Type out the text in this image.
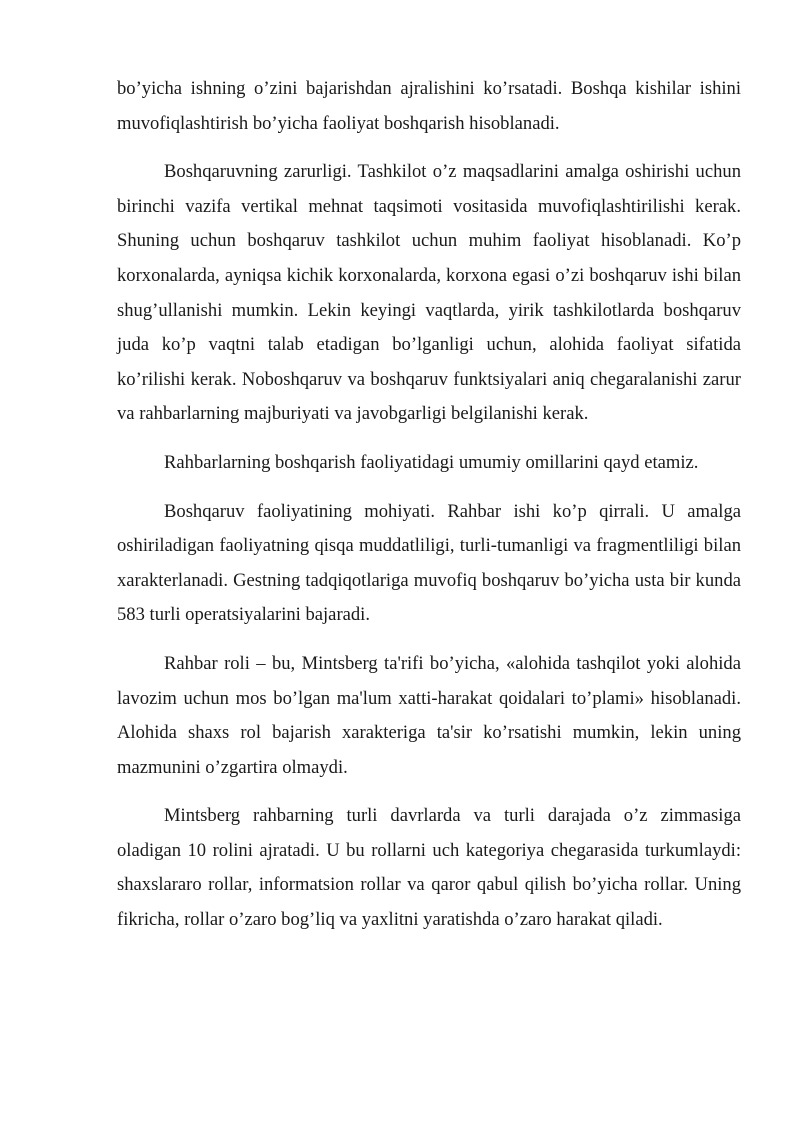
bo’yicha ishning o’zini bajarishdan ajralishini ko’rsatadi. Boshqa kishilar ishini muvofiqlashtirish bo’yicha faoliyat boshqarish hisoblanadi.

Boshqaruvning zarurligi. Tashkilot o’z maqsadlarini amalga oshirishi uchun birinchi vazifa vertikal mehnat taqsimoti vositasida muvofiqlashtirilishi kerak. Shuning uchun boshqaruv tashkilot uchun muhim faoliyat hisoblanadi. Ko’p korxonalarda, ayniqsa kichik korxonalarda, korxona egasi o’zi boshqaruv ishi bilan shug’ullanishi mumkin. Lekin keyingi vaqtlarda, yirik tashkilotlarda boshqaruv juda ko’p vaqtni talab etadigan bo’lganligi uchun, alohida faoliyat sifatida ko’rilishi kerak. Noboshqaruv va boshqaruv funktsiyalari aniq chegaralanishi zarur va rahbarlarning majburiyati va javobgarligi belgilanishi kerak.

Rahbarlarning boshqarish faoliyatidagi umumiy omillarini qayd etamiz.

Boshqaruv faoliyatining mohiyati. Rahbar ishi ko’p qirrali. U amalga oshiriladigan faoliyatning qisqa muddatliligi, turli-tumanligi va fragmentliligi bilan xarakterlanadi. Gestning tadqiqotlariga muvofiq boshqaruv bo’yicha usta bir kunda 583 turli operatsiyalarini bajaradi.

Rahbar roli – bu, Mintsberg ta'rifi bo’yicha, «alohida tashqilot yoki alohida lavozim uchun mos bo’lgan ma'lum xatti-harakat qoidalari to’plami» hisoblanadi. Alohida shaxs rol bajarish xarakteriga ta'sir ko’rsatishi mumkin, lekin uning mazmunini o’zgartira olmaydi.

Mintsberg rahbarning turli davrlarda va turli darajada o’z zimmasiga oladigan 10 rolini ajratadi. U bu rollarni uch kategoriya chegarasida turkumlaydi: shaxslararo rollar, informatsion rollar va qaror qabul qilish bo’yicha rollar. Uning fikricha, rollar o’zaro bog’liq va yaxlitni yaratishda o’zaro harakat qiladi.
